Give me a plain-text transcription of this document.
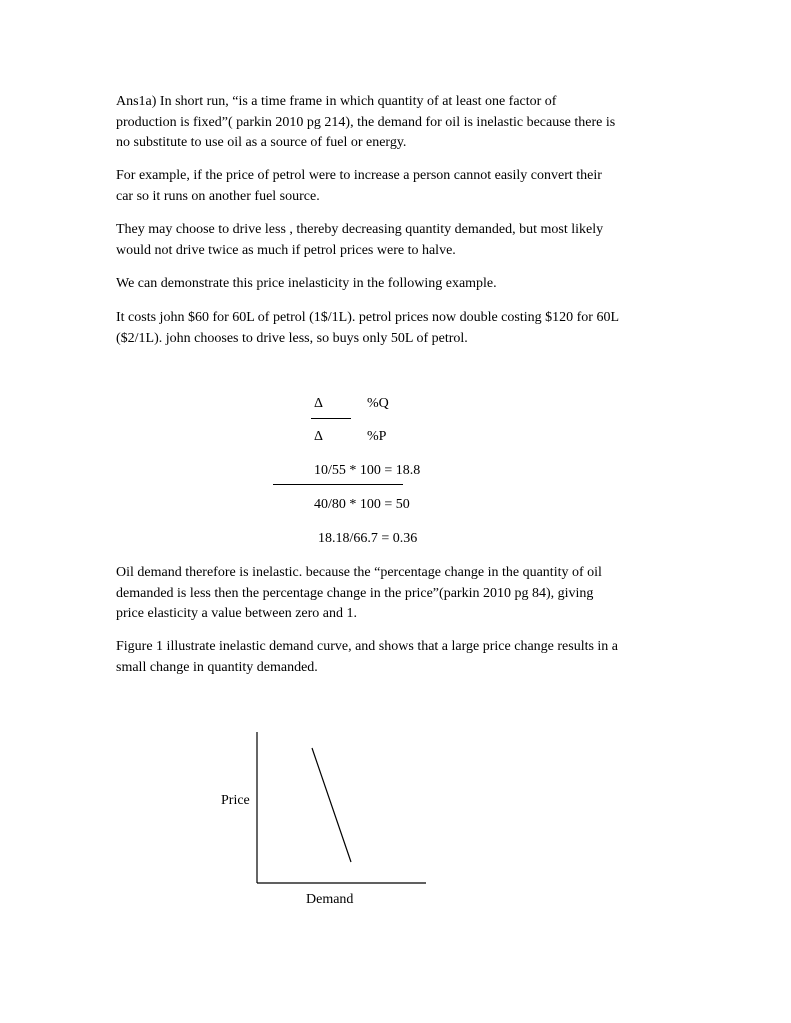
Ans1a) In short run, “is a time frame in which quantity of at least one factor of
production is fixed”( parkin 2010 pg 214), the demand for oil is inelastic because there is
no substitute to use oil as a source of fuel or energy.

For example, if the price of petrol were to increase a person cannot easily convert their
car so it runs on another fuel source.

They may choose to drive less , thereby decreasing quantity demanded, but most likely
would not drive twice as much if petrol prices were to halve.

We can demonstrate this price inelasticity in the following example.

It costs john $60 for 60L of petrol (1$/1L). petrol prices now double costing $120 for 60L
($2/1L). john chooses to drive less, so buys only 50L of petrol.

Δ	%Q
Δ	%P
10/55 * 100 = 18.8
40/80 * 100 = 50
18.18/66.7 = 0.36

Oil demand therefore is inelastic. because the “percentage change in the quantity of oil
demanded is less then the percentage change in the price”(parkin 2010 pg 84), giving
price elasticity a value between zero and 1.

Figure 1 illustrate inelastic demand curve, and shows that a large price change results in a
small change in quantity demanded.

Price
Demand
